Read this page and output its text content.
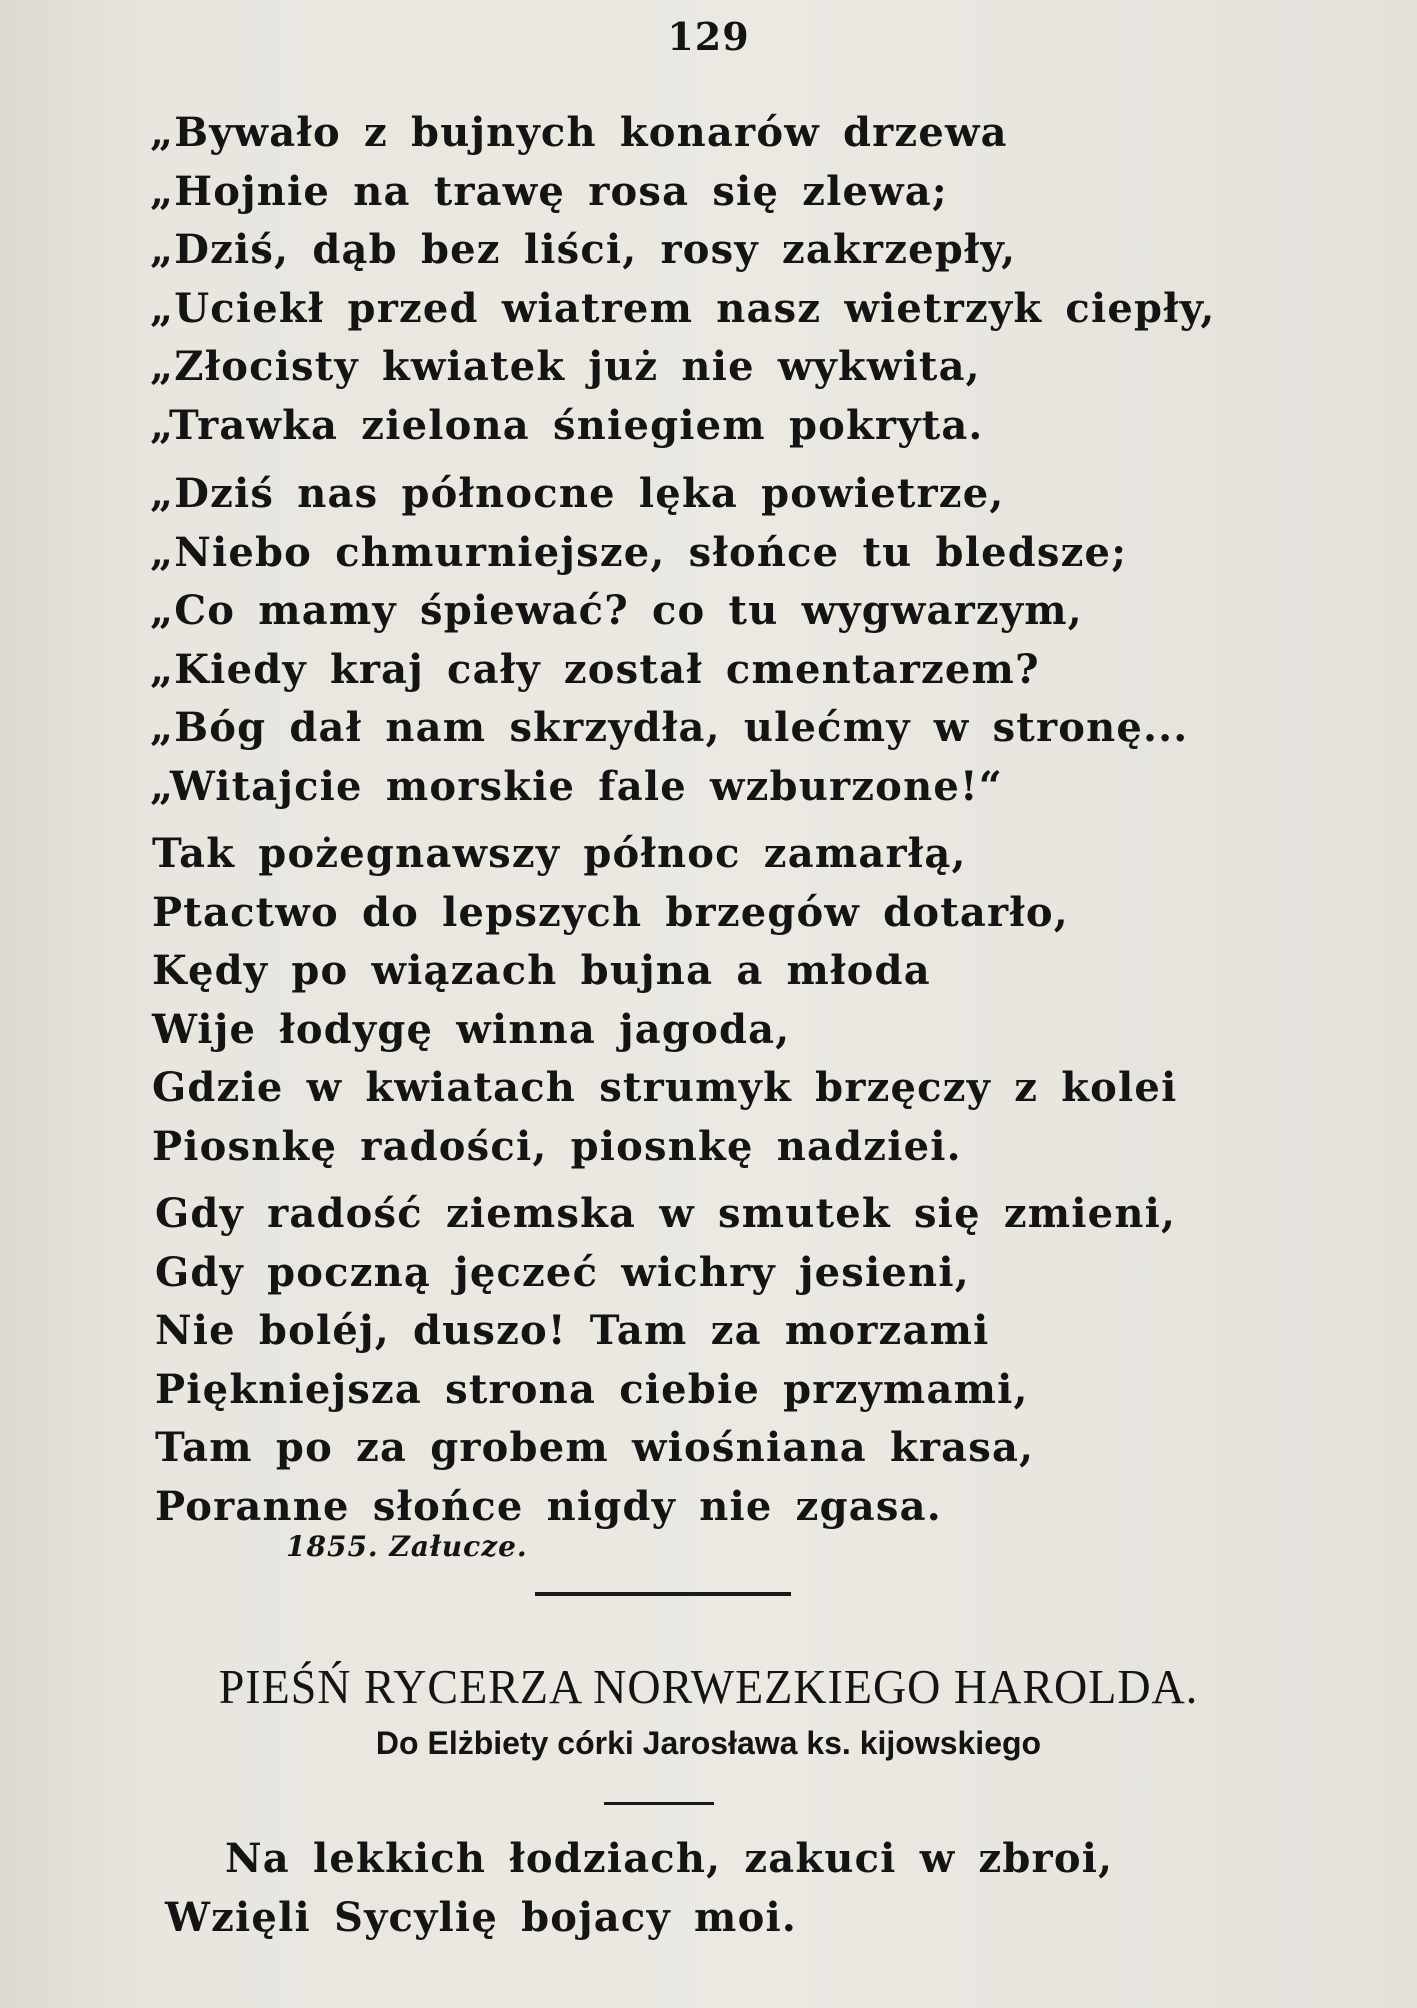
129
„Bywało z bujnych konarów drzewa
„Hojnie na trawę rosa się zlewa;
„Dziś, dąb bez liści, rosy zakrzepły,
„Uciekł przed wiatrem nasz wietrzyk ciepły,
„Złocisty kwiatek już nie wykwita,
„Trawka zielona śniegiem pokryta.
„Dziś nas północne lęka powietrze,
„Niebo chmurniejsze, słońce tu bledsze;
„Co mamy śpiewać? co tu wygwarzym,
„Kiedy kraj cały został cmentarzem?
„Bóg dał nam skrzydła, ulećmy w stronę...
„Witajcie morskie fale wzburzone!“
Tak pożegnawszy północ zamarłą,
Ptactwo do lepszych brzegów dotarło,
Kędy po wiązach bujna a młoda
Wije łodygę winna jagoda,
Gdzie w kwiatach strumyk brzęczy z kolei
Piosnkę radości, piosnkę nadziei.
Gdy radość ziemska w smutek się zmieni,
Gdy poczną jęczeć wichry jesieni,
Nie boléj, duszo! Tam za morzami
Piękniejsza strona ciebie przymami,
Tam po za grobem wiośniana krasa,
Poranne słońce nigdy nie zgasa.
1855. Załucze.
PIEŚŃ RYCERZA NORWEZKIEGO HAROLDA.
Do Elżbiety córki Jarosława ks. kijowskiego
Na lekkich łodziach, zakuci w zbroi,
Wzięli Sycylię bojacy moi.
